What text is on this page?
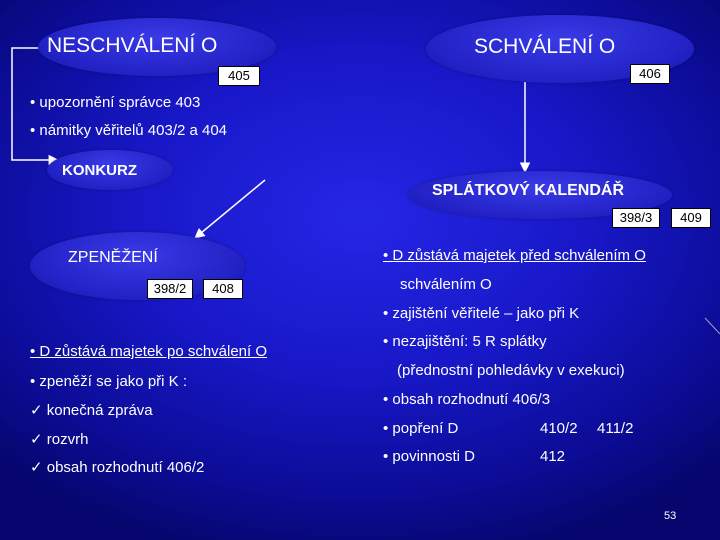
NESCHVÁLENÍ O
405
SCHVÁLENÍ O
406
• upozornění správce 403
• námitky věřitelů 403/2 a 404
KONKURZ
SPLÁTKOVÝ KALENDÁŘ
398/3	409
ZPENĚŽENÍ
398/2	408
• D zůstává majetek po schválení O
• zpeněží se jako při K :
✓ konečná zpráva
✓ rozvrh
✓ obsah rozhodnutí 406/2
• D zůstává majetek před schválením O
schválením O
• zajištění věřitelé – jako při K
• nezajištění: 5 R splátky
(přednostní pohledávky v exekuci)
• obsah rozhodnutí 406/3
• popření D	410/2 411/2
• povinnosti D	412
53
